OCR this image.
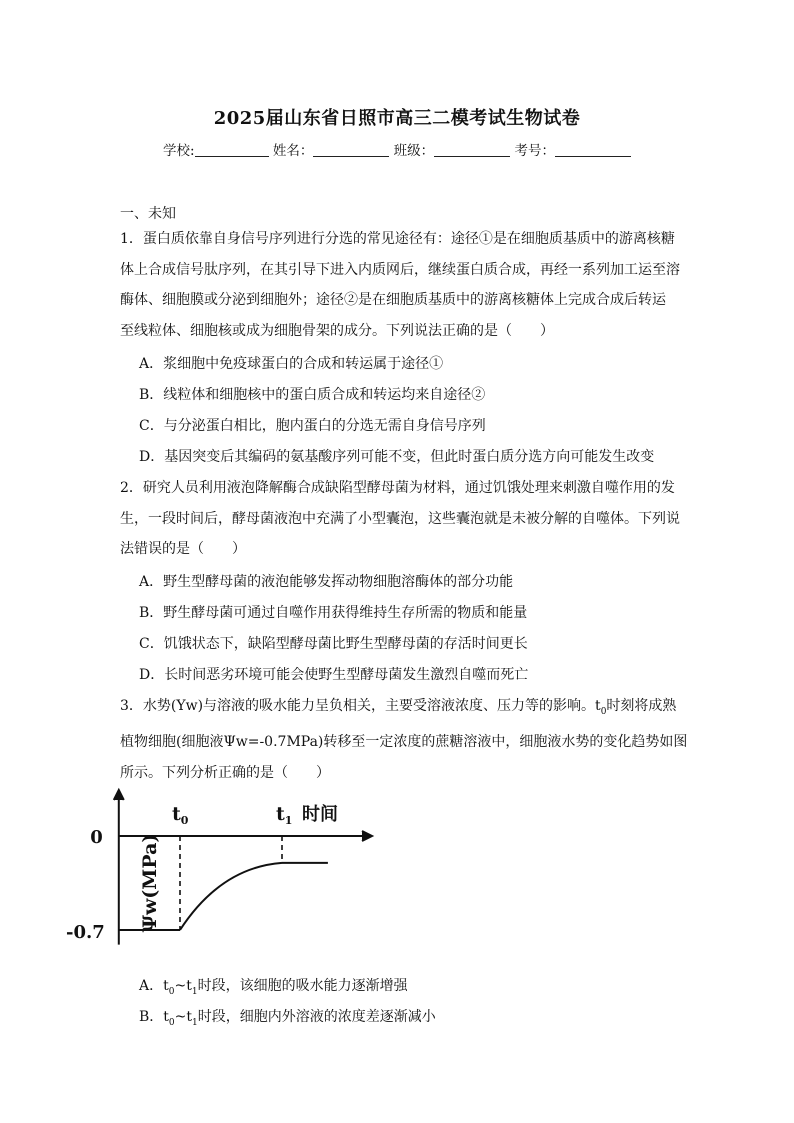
2025届山东省日照市高三二模考试生物试卷
学校:	姓名：	班级：	考号：
一、未知
1．蛋白质依靠自身信号序列进行分选的常见途径有：途径①是在细胞质基质中的游离核糖
体上合成信号肽序列，在其引导下进入内质网后，继续蛋白质合成，再经一系列加工运至溶
酶体、细胞膜或分泌到细胞外；途径②是在细胞质基质中的游离核糖体上完成合成后转运
至线粒体、细胞核或成为细胞骨架的成分。下列说法正确的是（　　）
A．浆细胞中免疫球蛋白的合成和转运属于途径①
B．线粒体和细胞核中的蛋白质合成和转运均来自途径②
C．与分泌蛋白相比，胞内蛋白的分选无需自身信号序列
D．基因突变后其编码的氨基酸序列可能不变，但此时蛋白质分选方向可能发生改变
2．研究人员利用液泡降解酶合成缺陷型酵母菌为材料，通过饥饿处理来刺激自噬作用的发
生，一段时间后，酵母菌液泡中充满了小型囊泡，这些囊泡就是未被分解的自噬体。下列说
法错误的是（　　）
A．野生型酵母菌的液泡能够发挥动物细胞溶酶体的部分功能
B．野生酵母菌可通过自噬作用获得维持生存所需的物质和能量
C．饥饿状态下，缺陷型酵母菌比野生型酵母菌的存活时间更长
D．长时间恶劣环境可能会使野生型酵母菌发生激烈自噬而死亡
3．水势(Yw)与溶液的吸水能力呈负相关，主要受溶液浓度、压力等的影响。$t_0$时刻将成熟
植物细胞(细胞液Ψw=-0.7MPa)转移至一定浓度的蔗糖溶液中，细胞液水势的变化趋势如图
所示。下列分析正确的是（　　）
$t_0$	$t_1$ 时间
0
-0.7
Ψw(MPa)
A．$t_0\sim t_1$时段，该细胞的吸水能力逐渐增强
B．$t_0\sim t_1$时段，细胞内外溶液的浓度差逐渐减小
